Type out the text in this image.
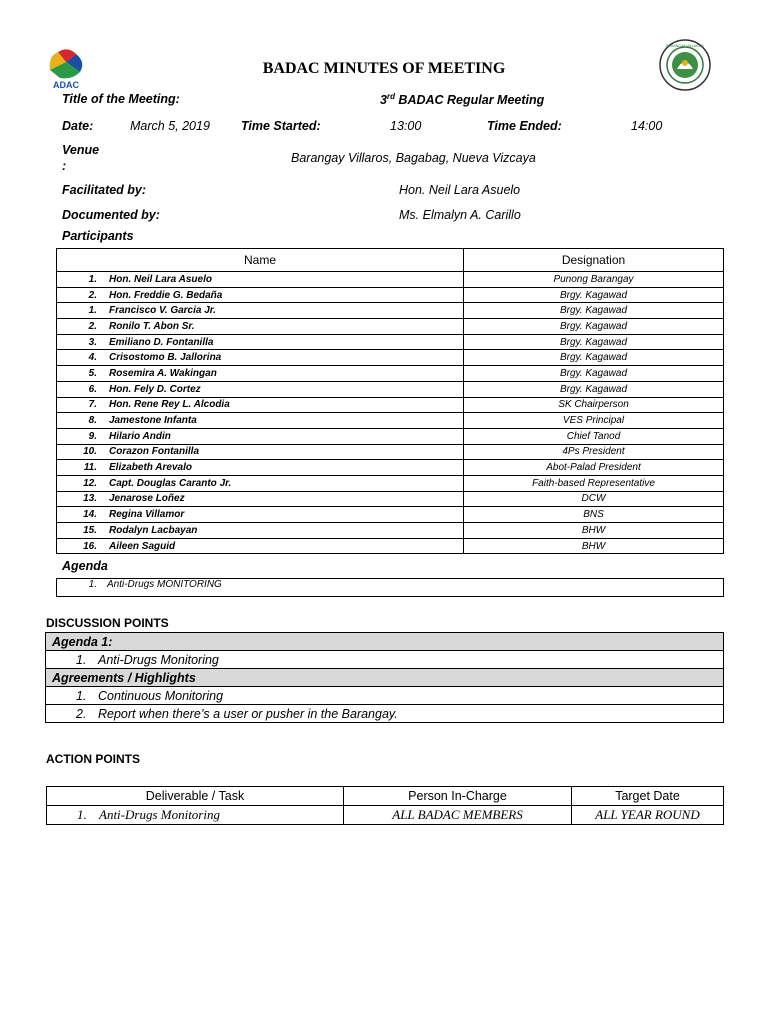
ADAC
BARANGAY VILLAROS
BADAC MINUTES OF MEETING
Title of the Meeting:	3rd BADAC Regular Meeting
Date:	March 5, 2019 Time Started:	13:00	Time Ended:	14:00
Venue
:
Barangay Villaros, Bagabag, Nueva Vizcaya
Facilitated by:	Hon. Neil Lara Asuelo
Documented by:	Ms. Elmalyn A. Carillo
Participants
Name	Designation
1. Hon. Neil Lara Asuelo	Punong Barangay
2. Hon. Freddie G. Bedaña	Brgy. Kagawad
1. Francisco V. Garcia Jr.	Brgy. Kagawad
2. Ronilo T. Abon Sr.	Brgy. Kagawad
3. Emiliano D. Fontanilla	Brgy. Kagawad
4. Crisostomo B. Jallorina	Brgy. Kagawad
5. Rosemira A. Wakingan	Brgy. Kagawad
6. Hon. Fely D. Cortez	Brgy. Kagawad
7. Hon. Rene Rey L. Alcodia	SK Chairperson
8. Jamestone Infanta	VES Principal
9. Hilario Andin	Chief Tanod
10. Corazon Fontanilla	4Ps President
11. Elizabeth Arevalo	Abot-Palad President
12. Capt. Douglas Caranto Jr.	Faith-based Representative
13. Jenarose Loñez	DCW
14. Regina Villamor	BNS
15. Rodalyn Lacbayan	BHW
16. Aileen Saguid	BHW
Agenda
1. Anti-Drugs MONITORING
DISCUSSION POINTS
Agenda 1:
1. Anti-Drugs Monitoring
Agreements / Highlights
1. Continuous Monitoring
2. Report when there’s a user or pusher in the Barangay.
ACTION POINTS
Deliverable / Task	Person In-Charge	Target Date
1. Anti-Drugs Monitoring	ALL BADAC MEMBERS	ALL YEAR ROUND
